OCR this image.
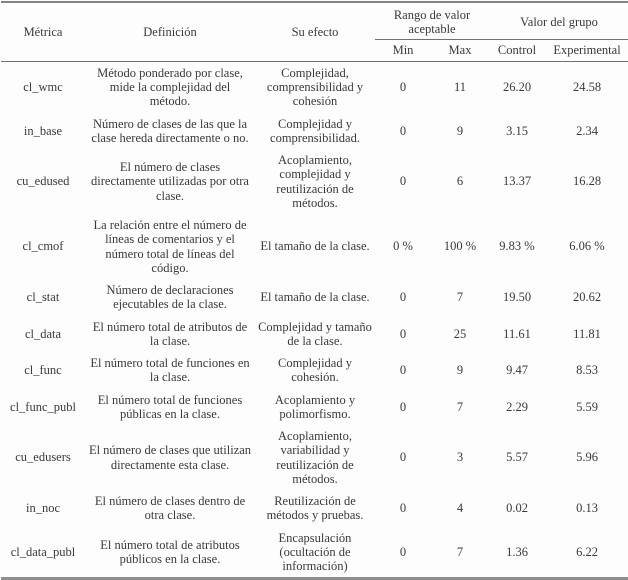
Métrica	Definición	Su efecto	Rango de valor aceptable		Valor del grupo	
			Min	Max	Control	Experimental
cl_wmc	Método ponderado por clase, mide la complejidad del método.	Complejidad, comprensibilidad y cohesión	0	11	26.20	24.58
in_base	Número de clases de las que la clase hereda directamente o no.	Complejidad y comprensibilidad.	0	9	3.15	2.34
cu_edused	El número de clases directamente utilizadas por otra clase.	Acoplamiento, complejidad y reutilización de métodos.	0	6	13.37	16.28
cl_cmof	La relación entre el número de líneas de comentarios y el número total de líneas del código.	El tamaño de la clase.	0 %	100 %	9.83 %	6.06 %
cl_stat	Número de declaraciones ejecutables de la clase.	El tamaño de la clase.	0	7	19.50	20.62
cl_data	El número total de atributos de la clase.	Complejidad y tamaño de la clase.	0	25	11.61	11.81
cl_func	El número total de funciones en la clase.	Complejidad y cohesión.	0	9	9.47	8.53
cl_func_publ	El número total de funciones públicas en la clase.	Acoplamiento y polimorfismo.	0	7	2.29	5.59
cu_edusers	El número de clases que utilizan directamente esta clase.	Acoplamiento, variabilidad y reutilización de métodos.	0	3	5.57	5.96
in_noc	El número de clases dentro de otra clase.	Reutilización de métodos y pruebas.	0	4	0.02	0.13
cl_data_publ	El número total de atributos públicos en la clase.	Encapsulación (ocultación de información)	0	7	1.36	6.22
